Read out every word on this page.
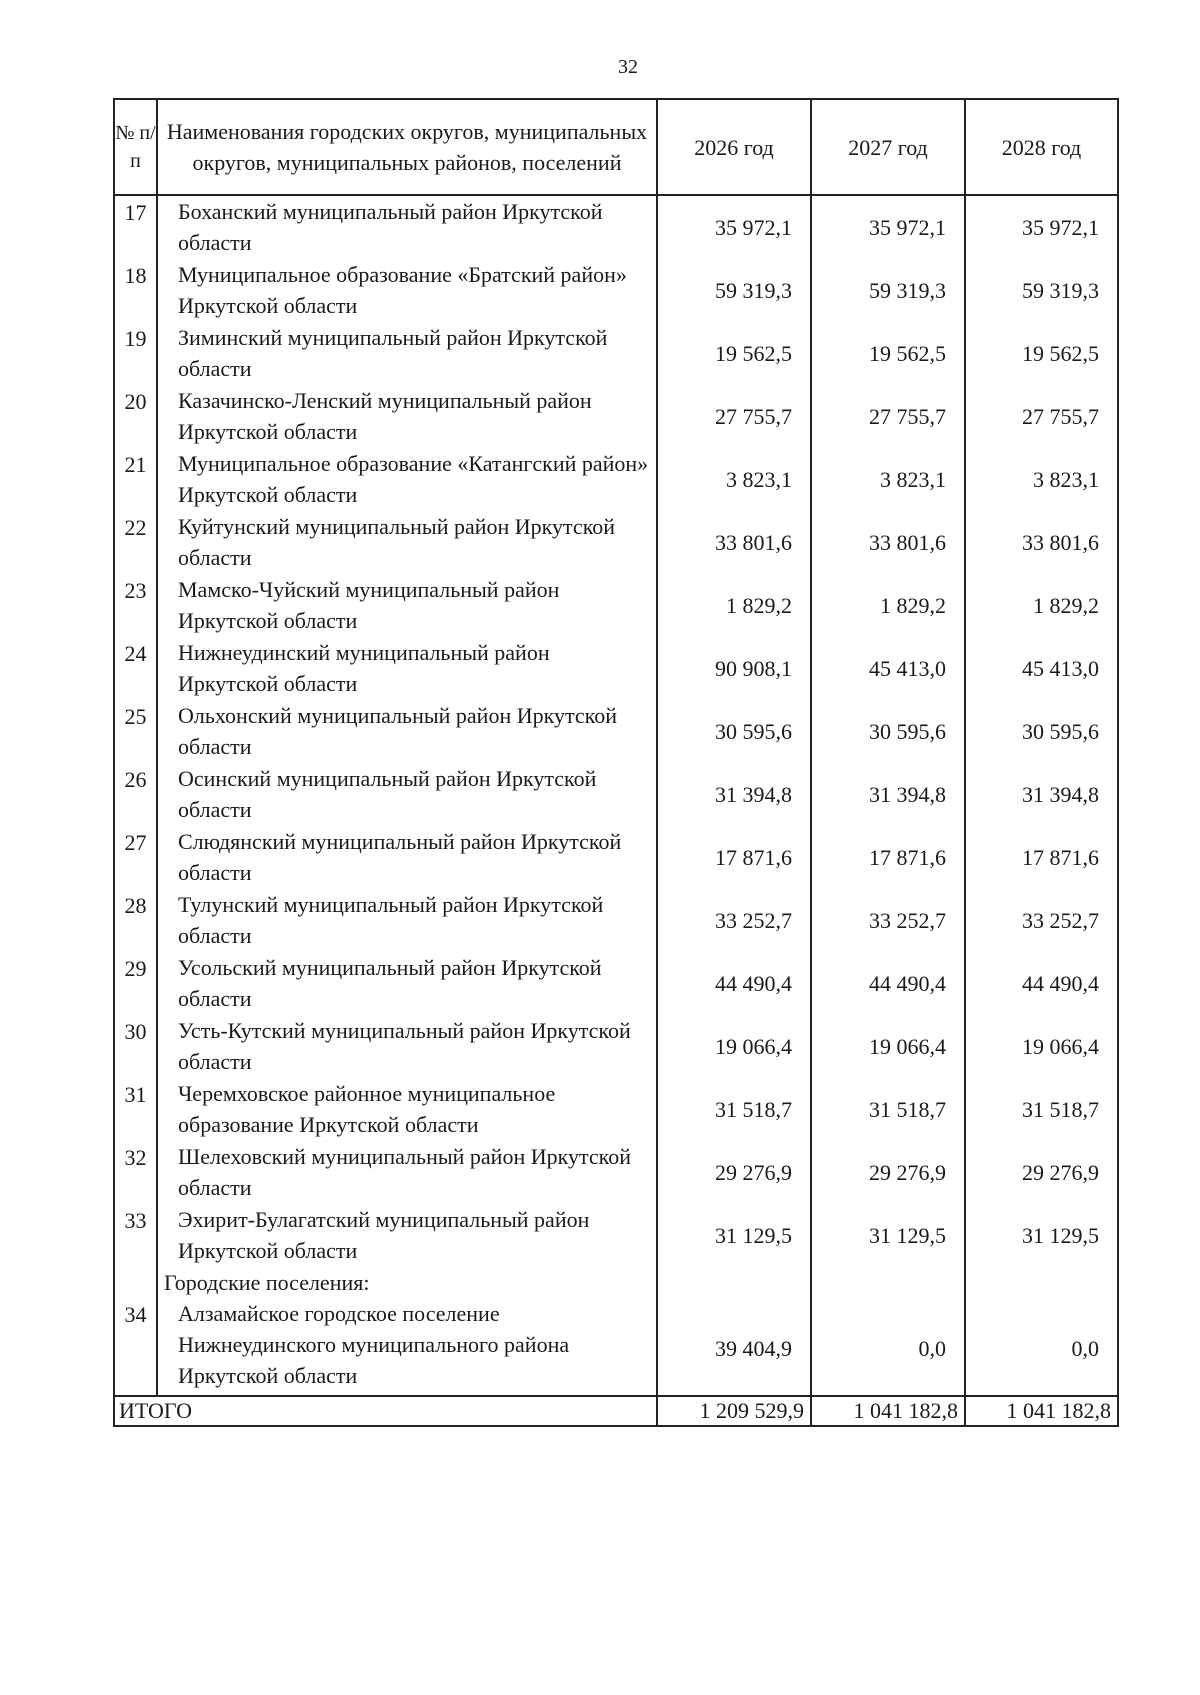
32
№ п/п	Наименования городских округов, муниципальных округов, муниципальных районов, поселений	2026 год	2027 год	2028 год
17	Боханский муниципальный район Иркутской области	35 972,1	35 972,1	35 972,1
18	Муниципальное образование «Братский район» Иркутской области	59 319,3	59 319,3	59 319,3
19	Зиминский муниципальный район Иркутской области	19 562,5	19 562,5	19 562,5
20	Казачинско-Ленский муниципальный район Иркутской области	27 755,7	27 755,7	27 755,7
21	Муниципальное образование «Катангский район» Иркутской области	3 823,1	3 823,1	3 823,1
22	Куйтунский муниципальный район Иркутской области	33 801,6	33 801,6	33 801,6
23	Мамско-Чуйский муниципальный район Иркутской области	1 829,2	1 829,2	1 829,2
24	Нижнеудинский муниципальный район Иркутской области	90 908,1	45 413,0	45 413,0
25	Ольхонский муниципальный район Иркутской области	30 595,6	30 595,6	30 595,6
26	Осинский муниципальный район Иркутской области	31 394,8	31 394,8	31 394,8
27	Слюдянский муниципальный район Иркутской области	17 871,6	17 871,6	17 871,6
28	Тулунский муниципальный район Иркутской области	33 252,7	33 252,7	33 252,7
29	Усольский муниципальный район Иркутской области	44 490,4	44 490,4	44 490,4
30	Усть-Кутский муниципальный район Иркутской области	19 066,4	19 066,4	19 066,4
31	Черемховское районное муниципальное образование Иркутской области	31 518,7	31 518,7	31 518,7
32	Шелеховский муниципальный район Иркутской области	29 276,9	29 276,9	29 276,9
33	Эхирит-Булагатский муниципальный район Иркутской области	31 129,5	31 129,5	31 129,5
	Городские поселения:			
34	Алзамайское городское поселение Нижнеудинского муниципального района Иркутской области	39 404,9	0,0	0,0
ИТОГО		1 209 529,9	1 041 182,8	1 041 182,8
